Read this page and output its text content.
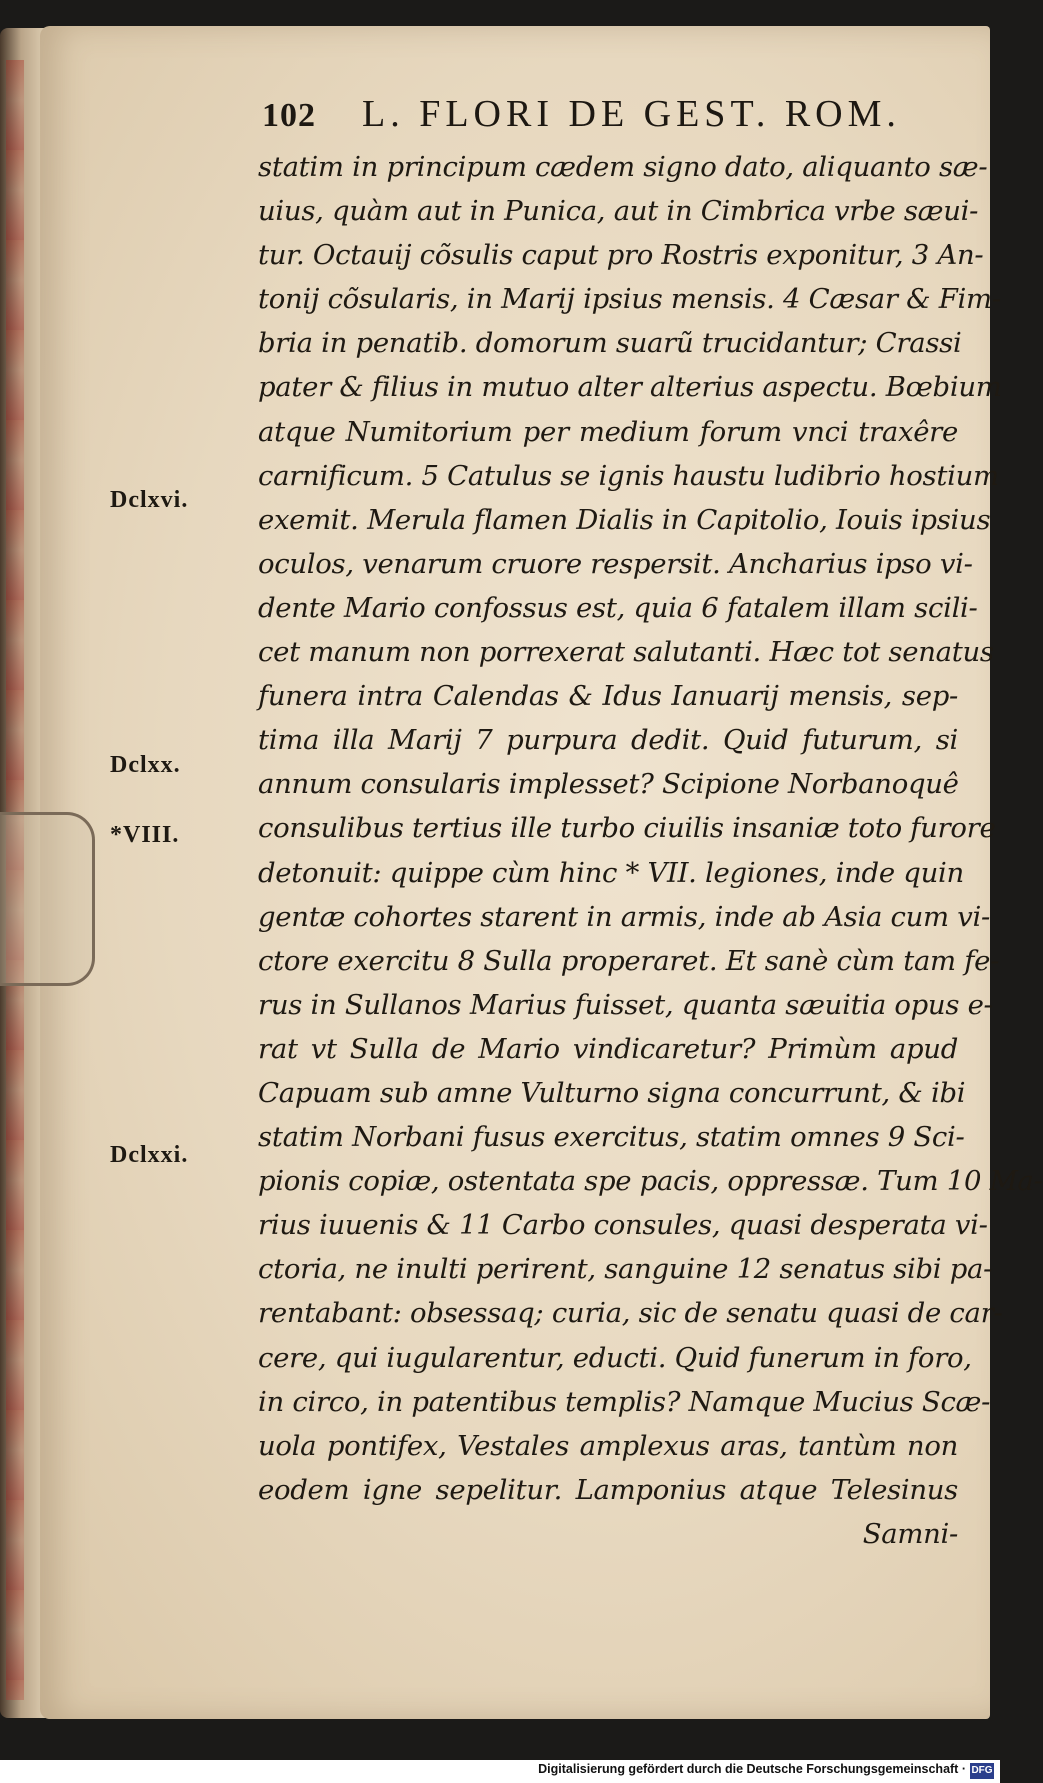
102	L. FLORI DE GEST. ROM.
statim in principum cædem signo dato, aliquanto sæ-
uius, quàm aut in Punica, aut in Cimbrica vrbe sæui-
tur. Octauij cõsulis caput pro Rostris exponitur, 3 An-
tonij cõsularis, in Marij ipsius mensis. 4 Cæsar & Fim-
bria in penatib. domorum suarũ trucidantur; Crassi
pater & filius in mutuo alter alterius aspectu. Bœbium
atque Numitorium per medium forum vnci traxêre
carnificum. 5 Catulus se ignis haustu ludibrio hostium
exemit. Merula flamen Dialis in Capitolio, Iouis ipsius
oculos, venarum cruore respersit. Ancharius ipso vi-
dente Mario confossus est, quia 6 fatalem illam scili-
cet manum non porrexerat salutanti. Hæc tot senatus
funera intra Calendas & Idus Ianuarij mensis, sep-
tima illa Marij 7 purpura dedit. Quid futurum, si
annum consularis implesset? Scipione Norbanoquê
consulibus tertius ille turbo ciuilis insaniæ toto furore
detonuit: quippe cùm hinc * VII. legiones, inde quin
gentæ cohortes starent in armis, inde ab Asia cum vi-
ctore exercitu 8 Sulla properaret. Et sanè cùm tam fe-
rus in Sullanos Marius fuisset, quanta sæuitia opus e-
rat vt Sulla de Mario vindicaretur? Primùm apud
Capuam sub amne Vulturno signa concurrunt, & ibi
statim Norbani fusus exercitus, statim omnes 9 Sci-
pionis copiæ, ostentata spe pacis, oppressæ. Tum 10 Ma-
rius iuuenis & 11 Carbo consules, quasi desperata vi-
ctoria, ne inulti perirent, sanguine 12 senatus sibi pa-
rentabant: obsessaq; curia, sic de senatu quasi de car-
cere, qui iugularentur, educti. Quid funerum in foro,
in circo, in patentibus templis? Namque Mucius Scæ-
uola pontifex, Vestales amplexus aras, tantùm non
eodem igne sepelitur. Lamponius atque Telesinus
Samni-
Dclxvi.
Dclxx.
*VIII.
Dclxxi.
Digitalisierung gefördert durch die Deutsche Forschungsgemeinschaft · DFG
